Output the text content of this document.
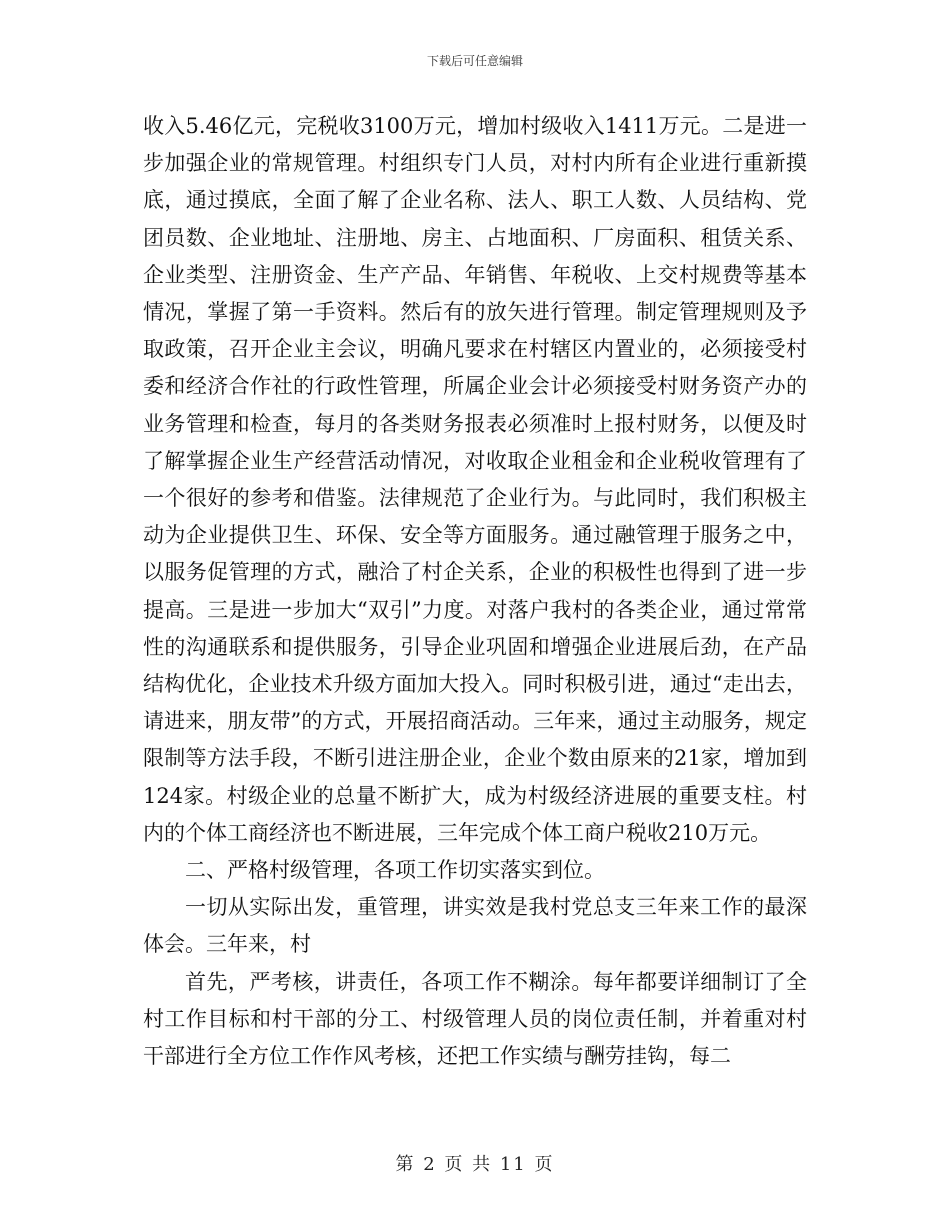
下载后可任意编辑

收入5.46亿元，完税收3100万元，增加村级收入1411万元。二是进一步加强企业的常规管理。村组织专门人员，对村内所有企业进行重新摸底，通过摸底，全面了解了企业名称、法人、职工人数、人员结构、党团员数、企业地址、注册地、房主、占地面积、厂房面积、租赁关系、企业类型、注册资金、生产产品、年销售、年税收、上交村规费等基本情况，掌握了第一手资料。然后有的放矢进行管理。制定管理规则及予取政策，召开企业主会议，明确凡要求在村辖区内置业的，必须接受村委和经济合作社的行政性管理，所属企业会计必须接受村财务资产办的业务管理和检查，每月的各类财务报表必须准时上报村财务，以便及时了解掌握企业生产经营活动情况，对收取企业租金和企业税收管理有了一个很好的参考和借鉴。法律规范了企业行为。与此同时，我们积极主动为企业提供卫生、环保、安全等方面服务。通过融管理于服务之中，以服务促管理的方式，融洽了村企关系，企业的积极性也得到了进一步提高。三是进一步加大“双引”力度。对落户我村的各类企业，通过常常性的沟通联系和提供服务，引导企业巩固和增强企业进展后劲，在产品结构优化，企业技术升级方面加大投入。同时积极引进，通过“走出去，请进来，朋友带”的方式，开展招商活动。三年来，通过主动服务，规定限制等方法手段，不断引进注册企业，企业个数由原来的21家，增加到124家。村级企业的总量不断扩大，成为村级经济进展的重要支柱。村内的个体工商经济也不断进展，三年完成个体工商户税收210万元。

二、严格村级管理，各项工作切实落实到位。

一切从实际出发，重管理，讲实效是我村党总支三年来工作的最深体会。三年来，村

首先，严考核，讲责任，各项工作不糊涂。每年都要详细制订了全村工作目标和村干部的分工、村级管理人员的岗位责任制，并着重对村干部进行全方位工作作风考核，还把工作实绩与酬劳挂钩，每二

第 2 页 共 11 页
